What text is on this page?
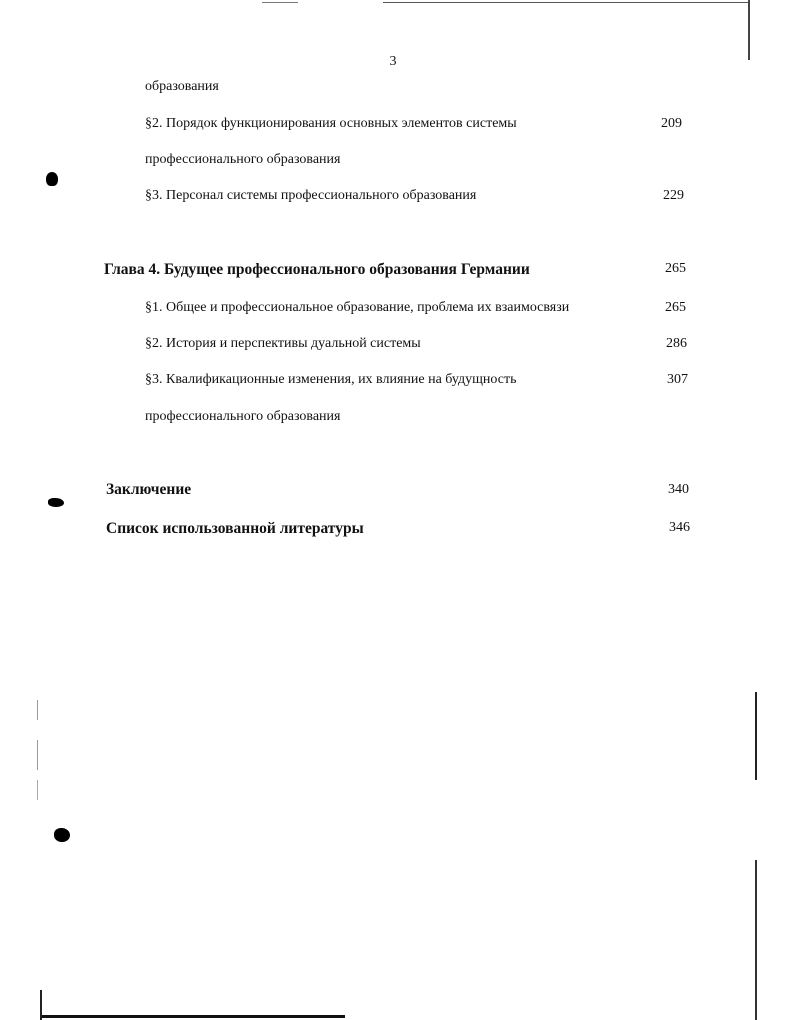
3
образования
§2. Порядок функционирования основных элементов системы	209
профессионального образования
§3. Персонал системы профессионального образования	229
Глава 4. Будущее профессионального образования Германии	265
§1. Общее и профессиональное образование, проблема их взаимосвязи	265
§2. История и перспективы дуальной системы	286
§3. Квалификационные изменения, их влияние на будущность	307
профессионального образования
Заключение	340
Список использованной литературы	346
